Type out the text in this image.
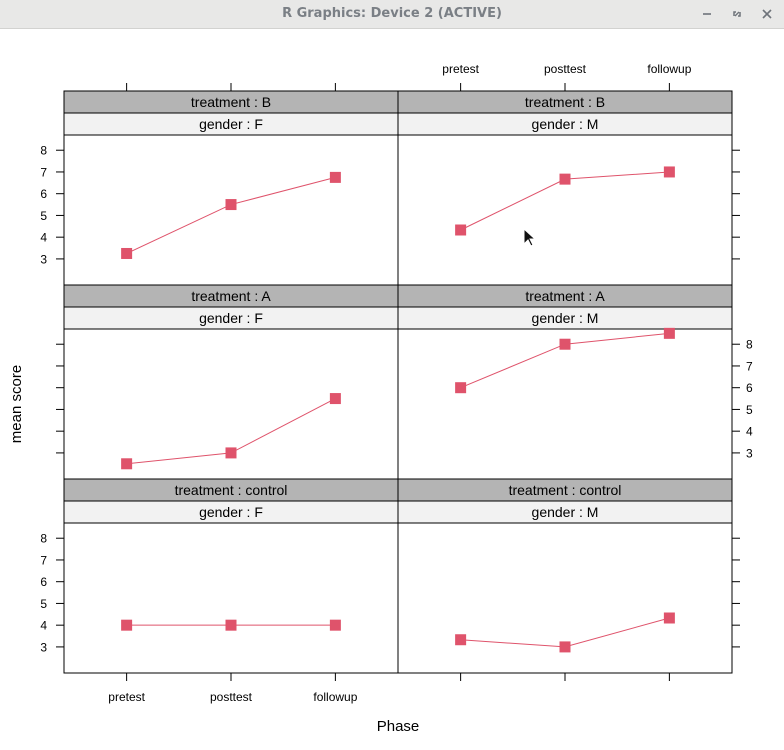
R Graphics: Device 2 (ACTIVE)
treatment : B
gender : F
treatment : B
gender : M
treatment : A
gender : F
treatment : A
gender : M
treatment : control
gender : F
treatment : control
gender : M
3
4
5
6
7
8
3
4
5
6
7
8
3
4
5
6
7
8
pretest	posttest	followup
pretest	posttest	followup
Phase
mean score
